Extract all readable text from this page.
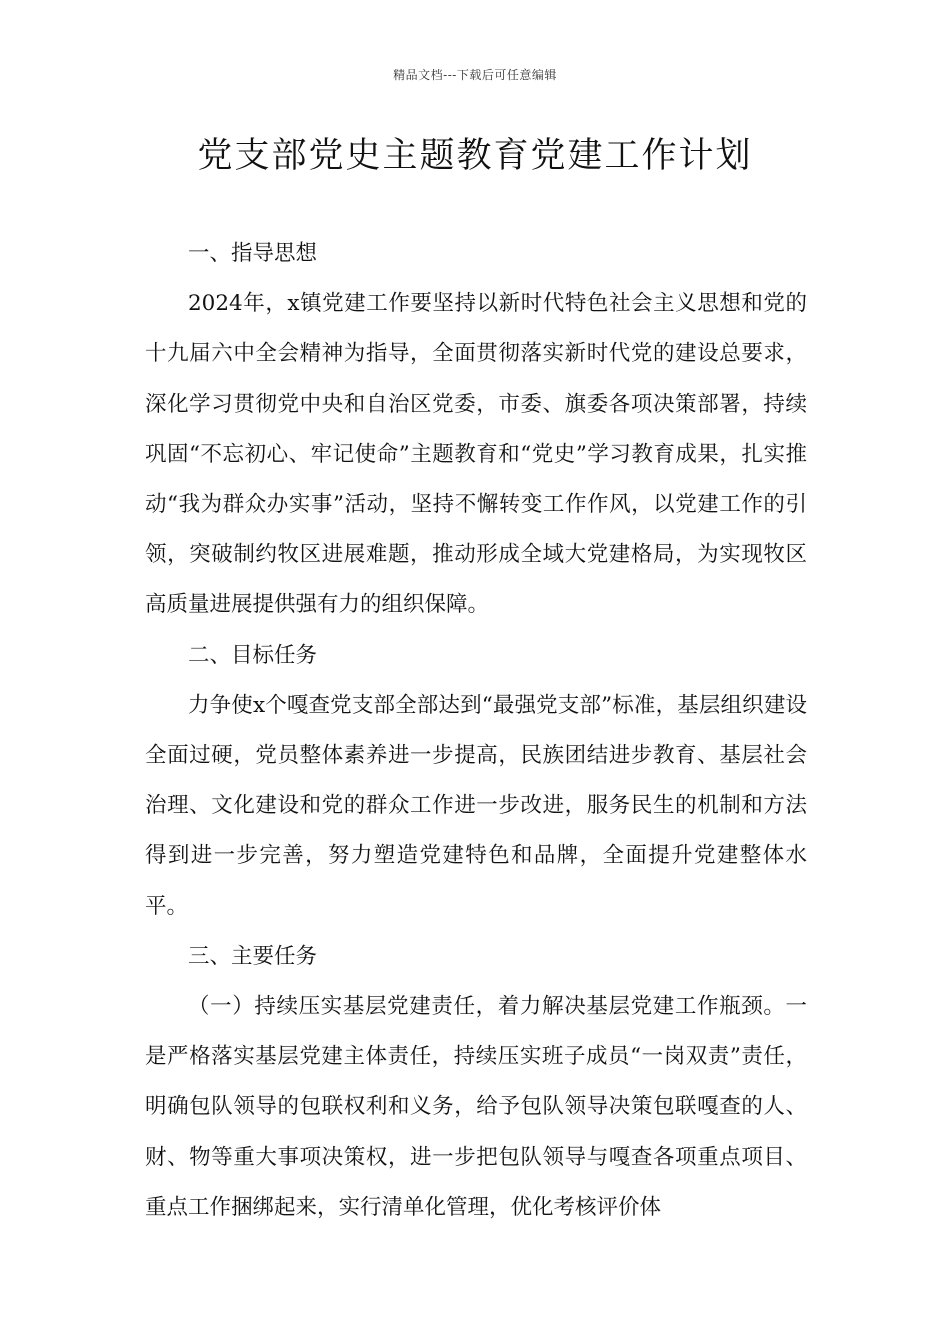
精品文档---下载后可任意编辑
党支部党史主题教育党建工作计划

一、指导思想

2024年，x镇党建工作要坚持以新时代特色社会主义思想和党的十九届六中全会精神为指导，全面贯彻落实新时代党的建设总要求，深化学习贯彻党中央和自治区党委，市委、旗委各项决策部署，持续巩固“不忘初心、牢记使命”主题教育和“党史”学习教育成果，扎实推动“我为群众办实事”活动，坚持不懈转变工作作风，以党建工作的引领，突破制约牧区进展难题，推动形成全域大党建格局，为实现牧区高质量进展提供强有力的组织保障。

二、目标任务

力争使x个嘎查党支部全部达到“最强党支部”标准，基层组织建设全面过硬，党员整体素养进一步提高，民族团结进步教育、基层社会治理、文化建设和党的群众工作进一步改进，服务民生的机制和方法得到进一步完善，努力塑造党建特色和品牌，全面提升党建整体水平。

三、主要任务

（一）持续压实基层党建责任，着力解决基层党建工作瓶颈。一是严格落实基层党建主体责任，持续压实班子成员“一岗双责”责任，明确包队领导的包联权利和义务，给予包队领导决策包联嘎查的人、财、物等重大事项决策权，进一步把包队领导与嘎查各项重点项目、重点工作捆绑起来，实行清单化管理，优化考核评价体
